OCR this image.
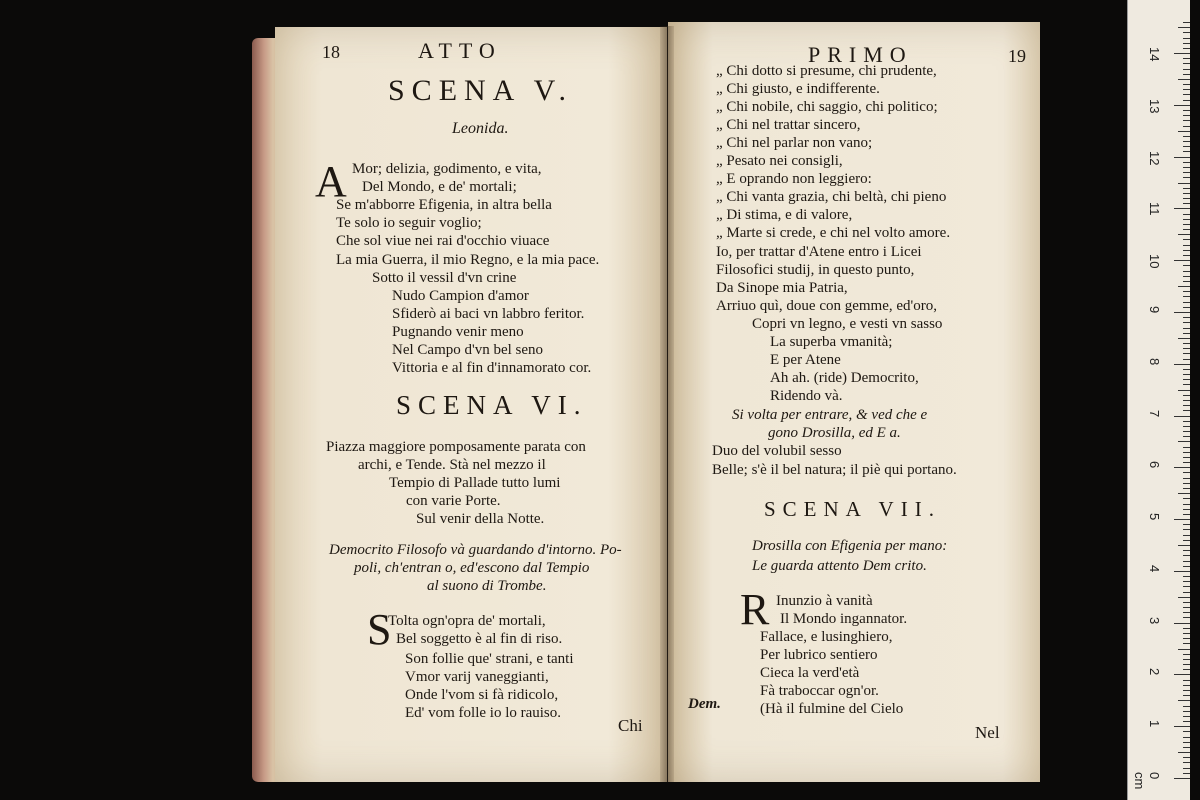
18	ATTO
SCENA V.
Leonida.
A Mor; delizia, godimento, e vita,
Del Mondo, e de' mortali;
Se m'abborre Efigenia, in altra bella
Te solo io seguir voglio;
Che sol viue nei rai d'occhio viuace
La mia Guerra, il mio Regno, e la mia pace.
Sotto il vessil d'vn crine
Nudo Campion d'amor
Sfiderò ai baci vn labbro feritor.
Pugnando venir meno
Nel Campo d'vn bel seno
Vittoria e al fin d'innamorato cor.
SCENA VI.
Piazza maggiore pomposamente parata con
archi, e Tende. Stà nel mezzo il
Tempio di Pallade tutto lumi
con varie Porte.
Sul venir della Notte.
Democrito Filosofo và guardando d'intorno. Po-
poli, ch'entran o, ed'escono dal Tempio
al suono di Trombe.
S
Tolta ogn'opra de' mortali,
Bel soggetto è al fin di riso.
Son follie que' strani, e tanti
Vmor varij vaneggianti,
Onde l'vom si fà ridicolo,
Ed' vom folle io lo rauiso.
Chi
PRIMO	19
„ Chi dotto si presume, chi prudente,
„ Chi giusto, e indifferente.
„ Chi nobile, chi saggio, chi politico;
„ Chi nel trattar sincero,
„ Chi nel parlar non vano;
„ Pesato nei consigli,
„ E oprando non leggiero:
„ Chi vanta grazia, chi beltà, chi pieno
„ Di stima, e di valore,
„ Marte si crede, e chi nel volto amore.
Io, per trattar d'Atene entro i Licei
Filosofici studij, in questo punto,
Da Sinope mia Patria,
Arriuo quì, doue con gemme, ed'oro,
Copri vn legno, e vesti vn sasso
La superba vmanità;
E per Atene
Ah ah. (ride) Democrito,
Ridendo và.
Si volta per entrare, & ved che e
gono Drosilla, ed E a.
Duo del volubil sesso
Belle; s'è il bel natura; il piè qui portano.
SCENA VII.
Drosilla con Efigenia per mano:
Le guarda attento Dem crito.
R Inunzio à vanità
Il Mondo ingannator.
Fallace, e lusinghiero,
Per lubrico sentiero
Cieca la verd'età
Fà traboccar ogn'or.
(Hà il fulmine del Cielo
Dem.
Nel
14
13
12
11
10
9
8
7
6
5
4
3
2
1
0 cm
